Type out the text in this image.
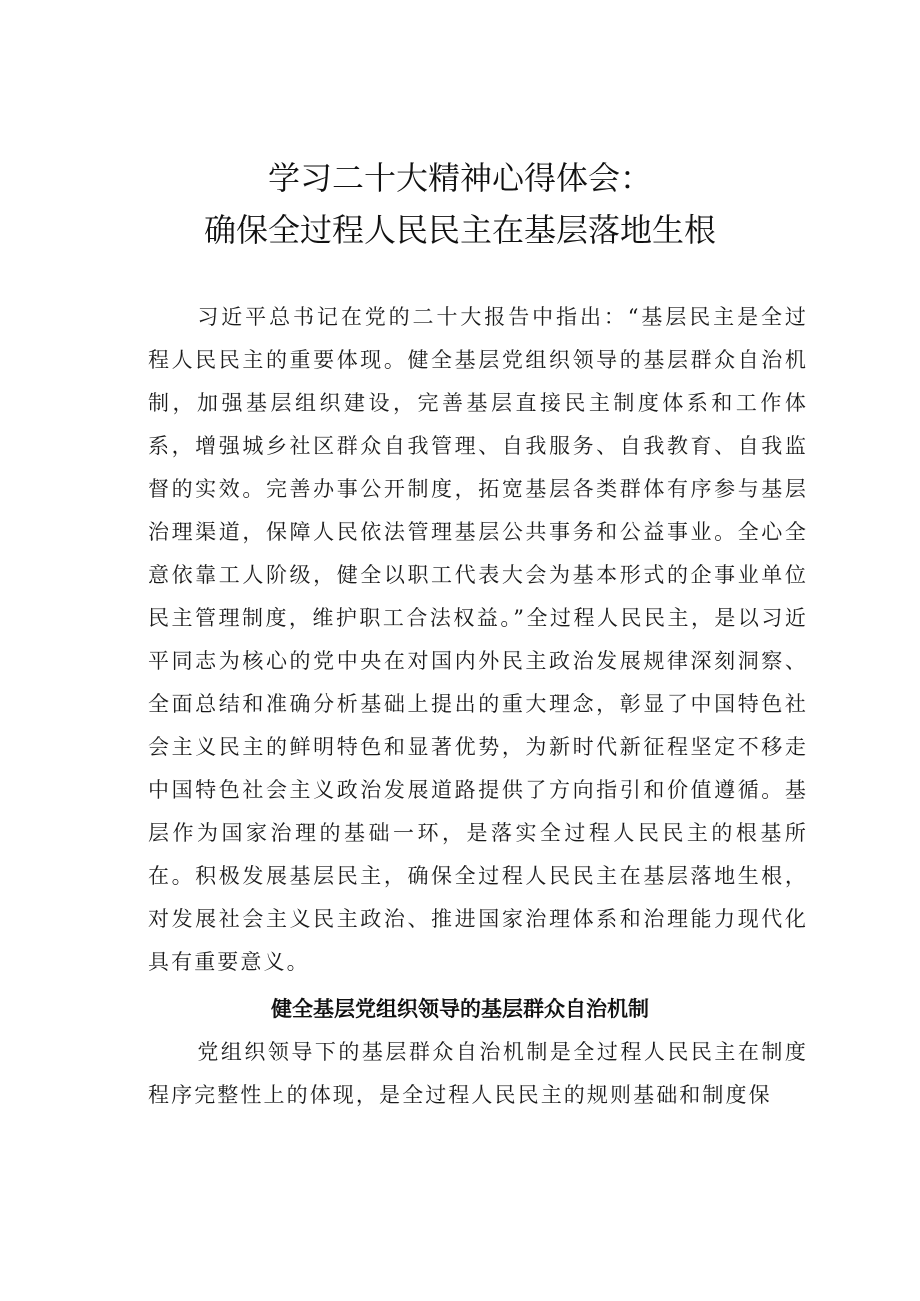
学习二十大精神心得体会：
确保全过程人民民主在基层落地生根

习近平总书记在党的二十大报告中指出：“基层民主是全过程人民民主的重要体现。健全基层党组织领导的基层群众自治机制，加强基层组织建设，完善基层直接民主制度体系和工作体系，增强城乡社区群众自我管理、自我服务、自我教育、自我监督的实效。完善办事公开制度，拓宽基层各类群体有序参与基层治理渠道，保障人民依法管理基层公共事务和公益事业。全心全意依靠工人阶级，健全以职工代表大会为基本形式的企事业单位民主管理制度，维护职工合法权益。”全过程人民民主，是以习近平同志为核心的党中央在对国内外民主政治发展规律深刻洞察、全面总结和准确分析基础上提出的重大理念，彰显了中国特色社会主义民主的鲜明特色和显著优势，为新时代新征程坚定不移走中国特色社会主义政治发展道路提供了方向指引和价值遵循。基层作为国家治理的基础一环，是落实全过程人民民主的根基所在。积极发展基层民主，确保全过程人民民主在基层落地生根，对发展社会主义民主政治、推进国家治理体系和治理能力现代化具有重要意义。

健全基层党组织领导的基层群众自治机制

党组织领导下的基层群众自治机制是全过程人民民主在制度程序完整性上的体现，是全过程人民民主的规则基础和制度保
